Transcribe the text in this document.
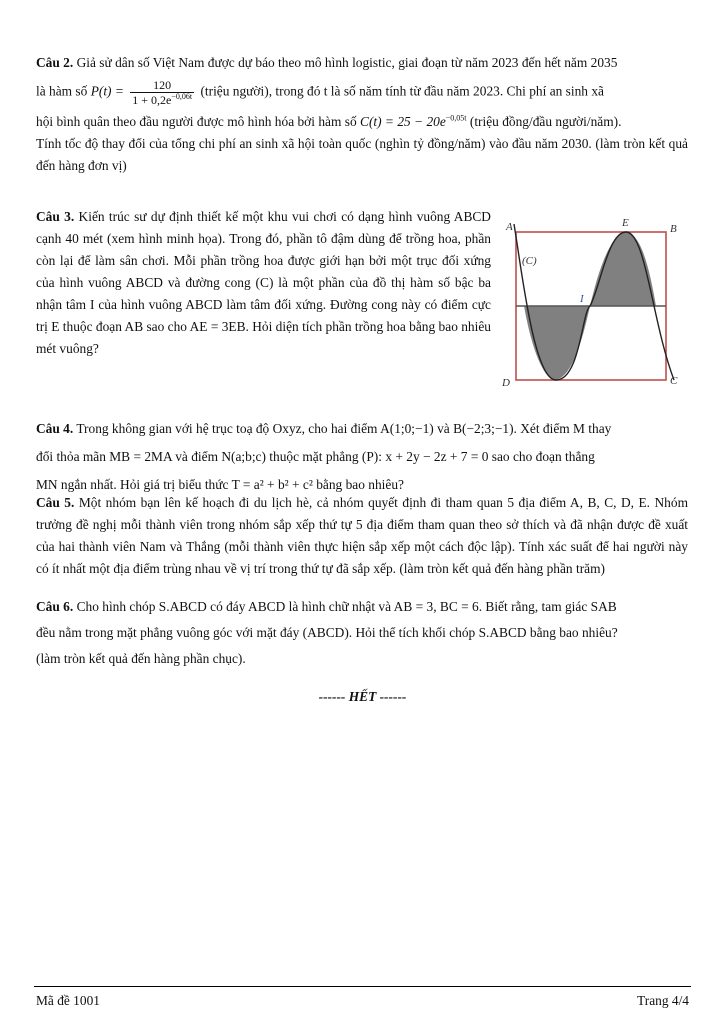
Câu 2. Giả sử dân số Việt Nam được dự báo theo mô hình logistic, giai đoạn từ năm 2023 đến hết năm 2035

là hàm số $P(t) = \frac{120}{1 + 0,2e^{-0,06t}}$ (triệu người), trong đó t là số năm tính từ đầu năm 2023. Chi phí an sinh xã

hội bình quân theo đầu người được mô hình hóa bởi hàm số $C(t) = 25 - 20e^{-0,05t}$ (triệu đồng/đầu người/năm).

Tính tốc độ thay đổi của tổng chi phí an sinh xã hội toàn quốc (nghìn tỷ đồng/năm) vào đầu năm 2030. (làm tròn kết quả đến hàng đơn vị)

Câu 3. Kiến trúc sư dự định thiết kế một khu vui chơi có dạng hình vuông ABCD cạnh 40 mét (xem hình minh họa). Trong đó, phần tô đậm dùng để trồng hoa, phần còn lại để làm sân chơi. Mỗi phần trồng hoa được giới hạn bởi một trục đối xứng của hình vuông ABCD và đường cong (C) là một phần của đồ thị hàm số bậc ba nhận tâm I của hình vuông ABCD làm tâm đối xứng. Đường cong này có điểm cực trị E thuộc đoạn AB sao cho AE = 3EB. Hỏi diện tích phần trồng hoa bằng bao nhiêu mét vuông?

A	B
C
D
E
I
(C)

Câu 4. Trong không gian với hệ trục toạ độ Oxyz, cho hai điểm A(1;0;−1) và B(−2;3;−1). Xét điểm M thay

đổi thỏa mãn MB = 2MA và điểm N(a;b;c) thuộc mặt phẳng (P): x + 2y − 2z + 7 = 0 sao cho đoạn thẳng

MN ngắn nhất. Hỏi giá trị biểu thức T = a² + b² + c² bằng bao nhiêu?

Câu 5. Một nhóm bạn lên kế hoạch đi du lịch hè, cả nhóm quyết định đi tham quan 5 địa điểm A, B, C, D, E. Nhóm trưởng đề nghị mỗi thành viên trong nhóm sắp xếp thứ tự 5 địa điểm tham quan theo sở thích và đã nhận được đề xuất của hai thành viên Nam và Thắng (mỗi thành viên thực hiện sắp xếp một cách độc lập). Tính xác suất để hai người này có ít nhất một địa điểm trùng nhau về vị trí trong thứ tự đã sắp xếp. (làm tròn kết quả đến hàng phần trăm)

Câu 6. Cho hình chóp S.ABCD có đáy ABCD là hình chữ nhật và AB = 3, BC = 6. Biết rằng, tam giác SAB

đều nằm trong mặt phẳng vuông góc với mặt đáy (ABCD). Hỏi thể tích khối chóp S.ABCD bằng bao nhiêu?

(làm tròn kết quả đến hàng phần chục).

------ HẾT ------
Mã đề 1001	Trang 4/4
